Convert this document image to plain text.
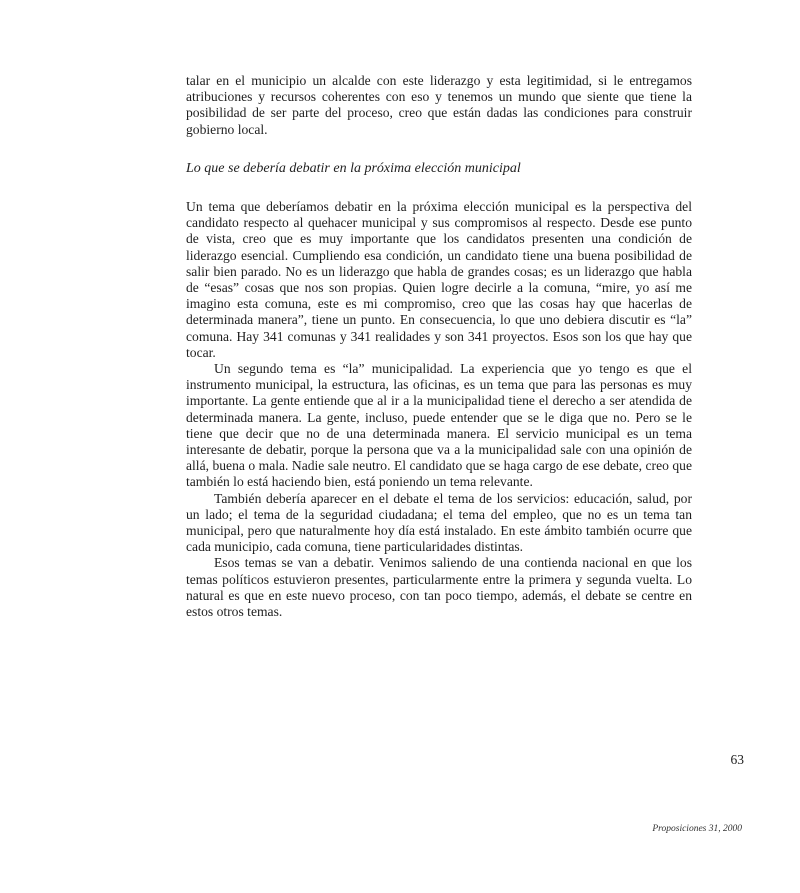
talar en el municipio un alcalde con este liderazgo y esta legitimidad, si le entregamos atribuciones y recursos coherentes con eso y tenemos un mundo que siente que tiene la posibilidad de ser parte del proceso, creo que están dadas las condiciones para construir gobierno local.

Lo que se debería debatir en la próxima elección municipal

Un tema que deberíamos debatir en la próxima elección municipal es la perspectiva del candidato respecto al quehacer municipal y sus compromisos al respecto. Desde ese punto de vista, creo que es muy importante que los candidatos presenten una condición de liderazgo esencial. Cumpliendo esa condición, un candidato tiene una buena posibilidad de salir bien parado. No es un liderazgo que habla de grandes cosas; es un liderazgo que habla de “esas” cosas que nos son propias. Quien logre decirle a la comuna, “mire, yo así me imagino esta comuna, este es mi compromiso, creo que las cosas hay que hacerlas de determinada manera”, tiene un punto. En consecuencia, lo que uno debiera discutir es “la” comuna. Hay 341 comunas y 341 realidades y son 341 proyectos. Esos son los que hay que tocar.

Un segundo tema es “la” municipalidad. La experiencia que yo tengo es que el instrumento municipal, la estructura, las oficinas, es un tema que para las personas es muy importante. La gente entiende que al ir a la municipalidad tiene el derecho a ser atendida de determinada manera. La gente, incluso, puede entender que se le diga que no. Pero se le tiene que decir que no de una determinada manera. El servicio municipal es un tema interesante de debatir, porque la persona que va a la municipalidad sale con una opinión de allá, buena o mala. Nadie sale neutro. El candidato que se haga cargo de ese debate, creo que también lo está haciendo bien, está poniendo un tema relevante.

También debería aparecer en el debate el tema de los servicios: educación, salud, por un lado; el tema de la seguridad ciudadana; el tema del empleo, que no es un tema tan municipal, pero que naturalmente hoy día está instalado. En este ámbito también ocurre que cada municipio, cada comuna, tiene particularidades distintas.

Esos temas se van a debatir. Venimos saliendo de una contienda nacional en que los temas políticos estuvieron presentes, particularmente entre la primera y segunda vuelta. Lo natural es que en este nuevo proceso, con tan poco tiempo, además, el debate se centre en estos otros temas.

63
Proposiciones 31, 2000
